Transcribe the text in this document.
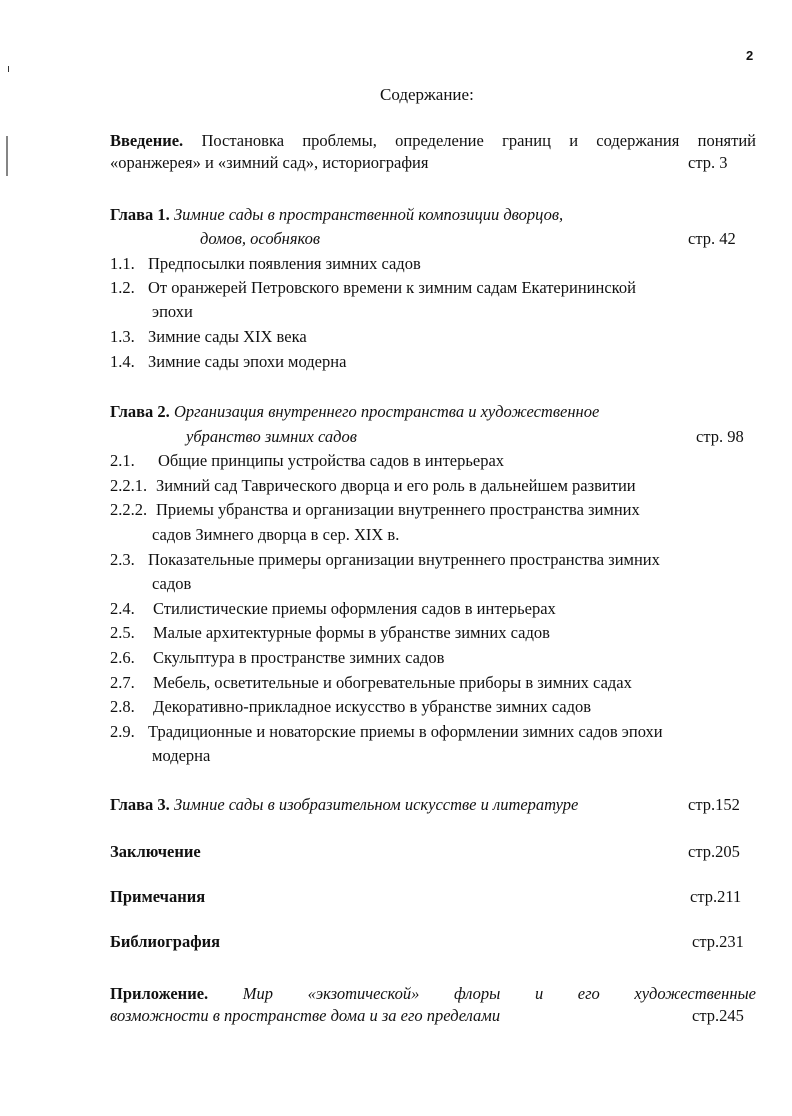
2
Содержание:
Введение. Постановка проблемы, определение границ и содержания понятий
«оранжерея» и «зимний сад», историография	стр. 3
Глава 1. Зимние сады в пространственной композиции дворцов,
домов, особняков	стр. 42
1.1. Предпосылки появления зимних садов
1.2. От оранжерей Петровского времени к зимним садам Екатерининской
эпохи
1.3. Зимние сады XIX века
1.4. Зимние сады эпохи модерна
Глава 2. Организация внутреннего пространства и художественное
убранство зимних садов	стр. 98
2.1. Общие принципы устройства садов в интерьерах
2.2.1. Зимний сад Таврического дворца и его роль в дальнейшем развитии
2.2.2. Приемы убранства и организации внутреннего пространства зимних
садов Зимнего дворца в сер. XIX в.
2.3. Показательные примеры организации внутреннего пространства зимних
садов
2.4. Стилистические приемы оформления садов в интерьерах
2.5. Малые архитектурные формы в убранстве зимних садов
2.6. Скульптура в пространстве зимних садов
2.7. Мебель, осветительные и обогревательные приборы в зимних садах
2.8. Декоративно-прикладное искусство в убранстве зимних садов
2.9. Традиционные и новаторские приемы в оформлении зимних садов эпохи
модерна
Глава 3. Зимние сады в изобразительном искусстве и литературе	стр.152
Заключение	стр.205
Примечания	стр.211
Библиография	стр.231
Приложение. Мир «экзотической» флоры и его художественные
возможности в пространстве дома и за его пределами	стр.245
